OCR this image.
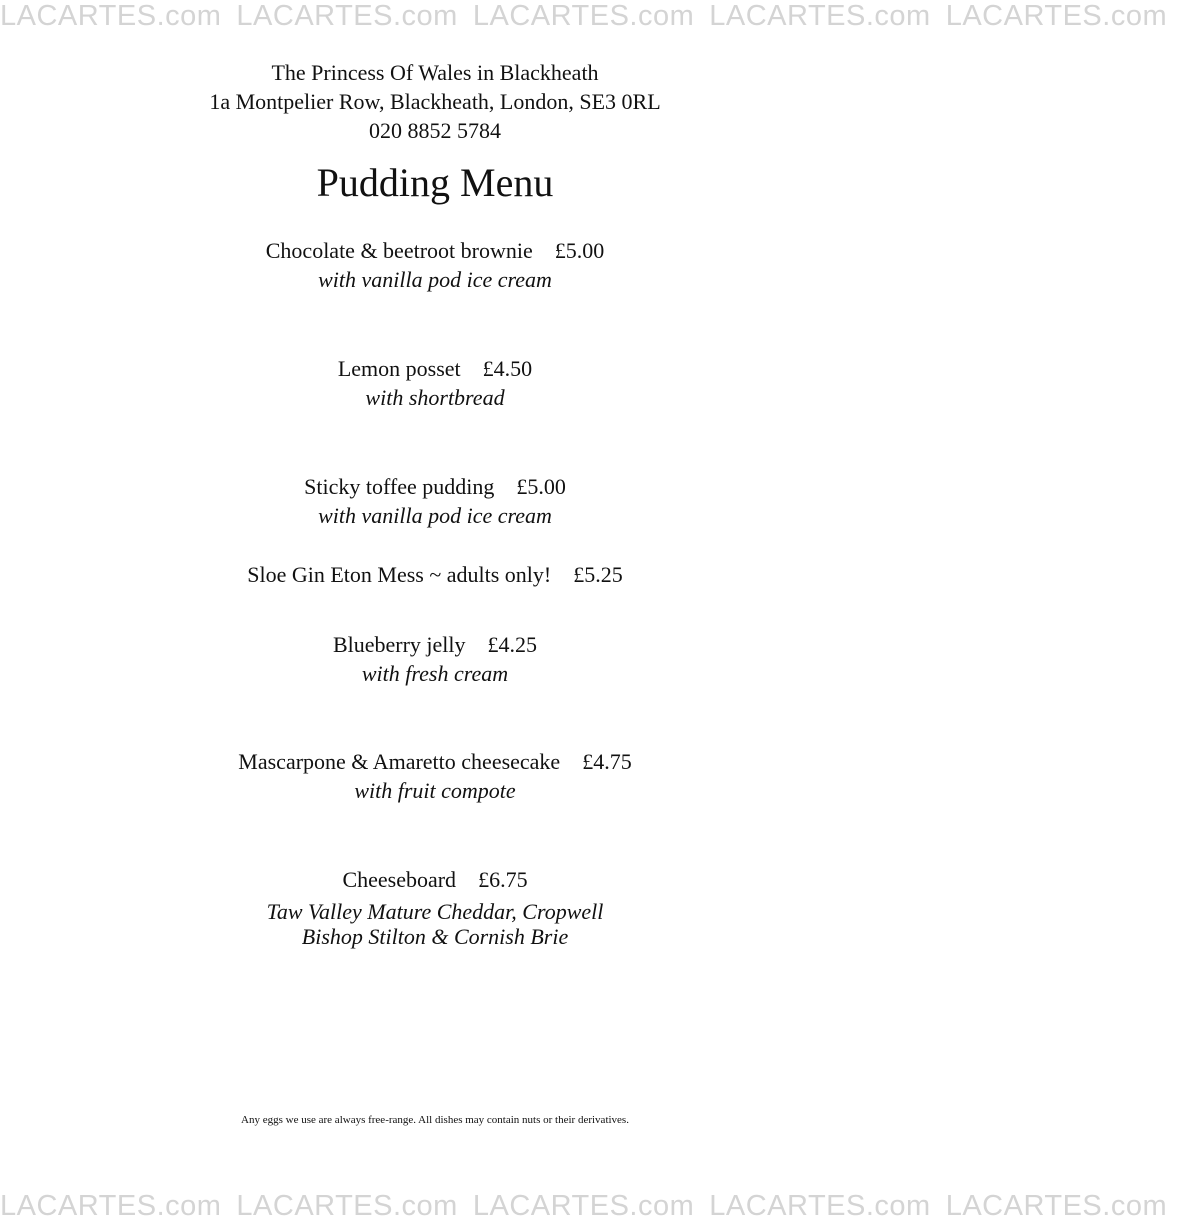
LACARTES.com LACARTES.com LACARTES.com LACARTES.com LACARTES.com
The Princess Of Wales in Blackheath
1a Montpelier Row, Blackheath, London, SE3 0RL
020 8852 5784
Pudding Menu
Chocolate & beetroot brownie £5.00
with vanilla pod ice cream
Lemon posset £4.50
with shortbread
Sticky toffee pudding £5.00
with vanilla pod ice cream
Sloe Gin Eton Mess ~ adults only! £5.25
Blueberry jelly £4.25
with fresh cream
Mascarpone & Amaretto cheesecake £4.75
with fruit compote
Cheeseboard £6.75
Taw Valley Mature Cheddar, Cropwell
Bishop Stilton & Cornish Brie
Any eggs we use are always free-range. All dishes may contain nuts or their derivatives.
LACARTES.com LACARTES.com LACARTES.com LACARTES.com LACARTES.com
